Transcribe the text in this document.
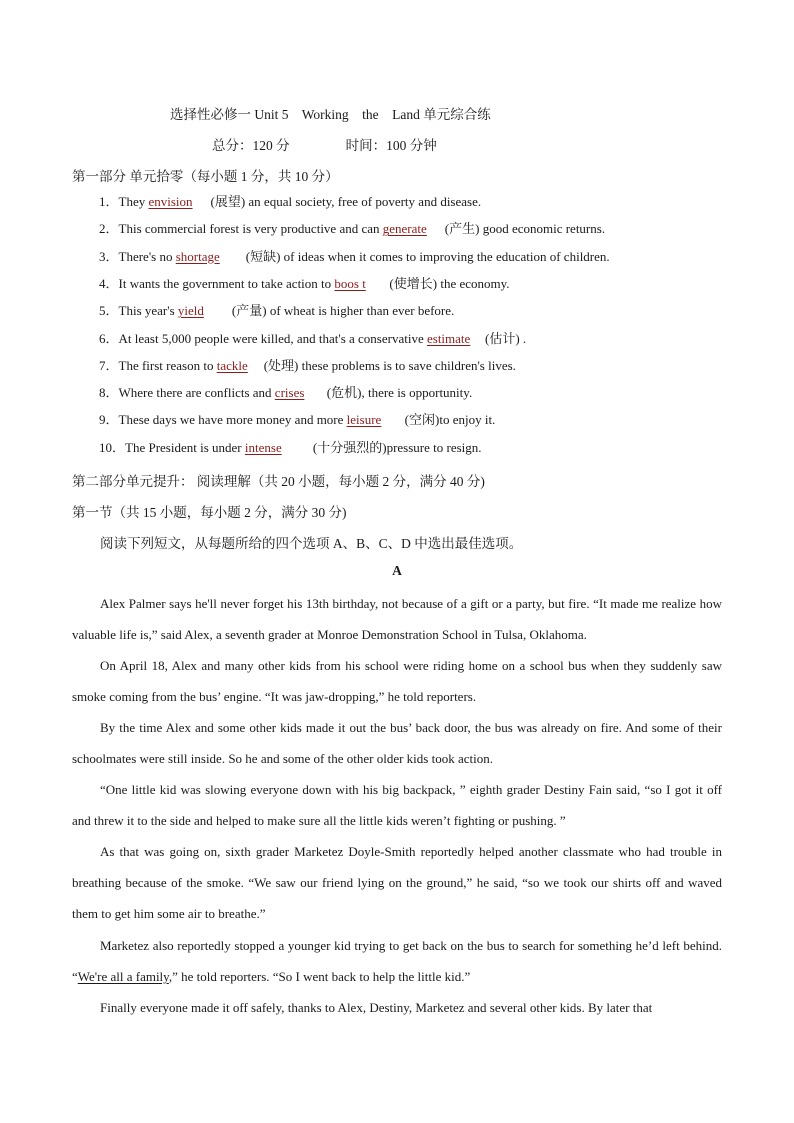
选择性必修一 Unit 5    Working    the    Land 单元综合练
总分：120 分	时间：100 分钟
第一部分 单元拾零（每小题 1 分，共 10 分）
1．They envision (展望) an equal society, free of poverty and disease.
2．This commercial forest is very productive and can generate (产生) good economic returns.
3．There's no shortage (短缺) of ideas when it comes to improving the education of children.
4．It wants the government to take action to boos t (使增长) the economy.
5．This year's yield (产量) of wheat is higher than ever before.
6．At least 5,000 people were killed, and that's a conservative estimate (估计) .
7．The first reason to tackle (处理) these problems is to save children's lives.
8．Where there are conflicts and crises (危机), there is opportunity.
9．These days we have more money and more leisure (空闲)to enjoy it.
10．The President is under intense (十分强烈的)pressure to resign.
第二部分单元提升： 阅读理解（共 20 小题，每小题 2 分，满分 40 分)
第一节（共 15 小题，每小题 2 分，满分 30 分)
阅读下列短文，从每题所给的四个选项 A、B、C、D 中选出最佳选项。
A
Alex Palmer says he'll never forget his 13th birthday, not because of a gift or a party, but fire. “It made me realize how valuable life is,” said Alex, a seventh grader at Monroe Demonstration School in Tulsa, Oklahoma.
On April 18, Alex and many other kids from his school were riding home on a school bus when they suddenly saw smoke coming from the bus’ engine. “It was jaw-dropping,” he told reporters.
By the time Alex and some other kids made it out the bus’ back door, the bus was already on fire. And some of their schoolmates were still inside. So he and some of the other older kids took action.
“One little kid was slowing everyone down with his big backpack, ” eighth grader Destiny Fain said, “so I got it off and threw it to the side and helped to make sure all the little kids weren’t fighting or pushing. ”
As that was going on, sixth grader Marketez Doyle-Smith reportedly helped another classmate who had trouble in breathing because of the smoke. “We saw our friend lying on the ground,” he said, “so we took our shirts off and waved them to get him some air to breathe.”
Marketez also reportedly stopped a younger kid trying to get back on the bus to search for something he’d left behind. “We're all a family,” he told reporters. “So I went back to help the little kid.”
Finally everyone made it off safely, thanks to Alex, Destiny, Marketez and several other kids. By later that
